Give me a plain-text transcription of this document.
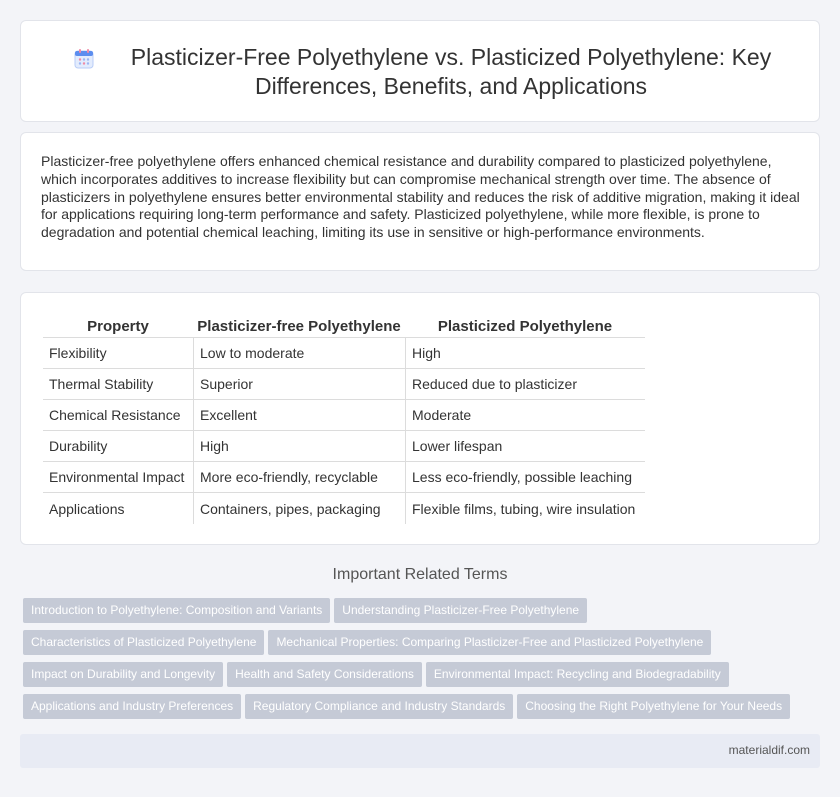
Plasticizer-Free Polyethylene vs. Plasticized Polyethylene: Key Differences, Benefits, and Applications

Plasticizer-free polyethylene offers enhanced chemical resistance and durability compared to plasticized polyethylene, which incorporates additives to increase flexibility but can compromise mechanical strength over time. The absence of plasticizers in polyethylene ensures better environmental stability and reduces the risk of additive migration, making it ideal for applications requiring long-term performance and safety. Plasticized polyethylene, while more flexible, is prone to degradation and potential chemical leaching, limiting its use in sensitive or high-performance environments.

Property	Plasticizer-free Polyethylene	Plasticized Polyethylene
Flexibility	Low to moderate	High
Thermal Stability	Superior	Reduced due to plasticizer
Chemical Resistance	Excellent	Moderate
Durability	High	Lower lifespan
Environmental Impact	More eco-friendly, recyclable	Less eco-friendly, possible leaching
Applications	Containers, pipes, packaging	Flexible films, tubing, wire insulation
Important Related Terms
Introduction to Polyethylene: Composition and Variants Understanding Plasticizer-Free Polyethylene
Characteristics of Plasticized Polyethylene Mechanical Properties: Comparing Plasticizer-Free and Plasticized Polyethylene
Impact on Durability and Longevity Health and Safety Considerations Environmental Impact: Recycling and Biodegradability
Applications and Industry Preferences Regulatory Compliance and Industry Standards Choosing the Right Polyethylene for Your Needs
materialdif.com
